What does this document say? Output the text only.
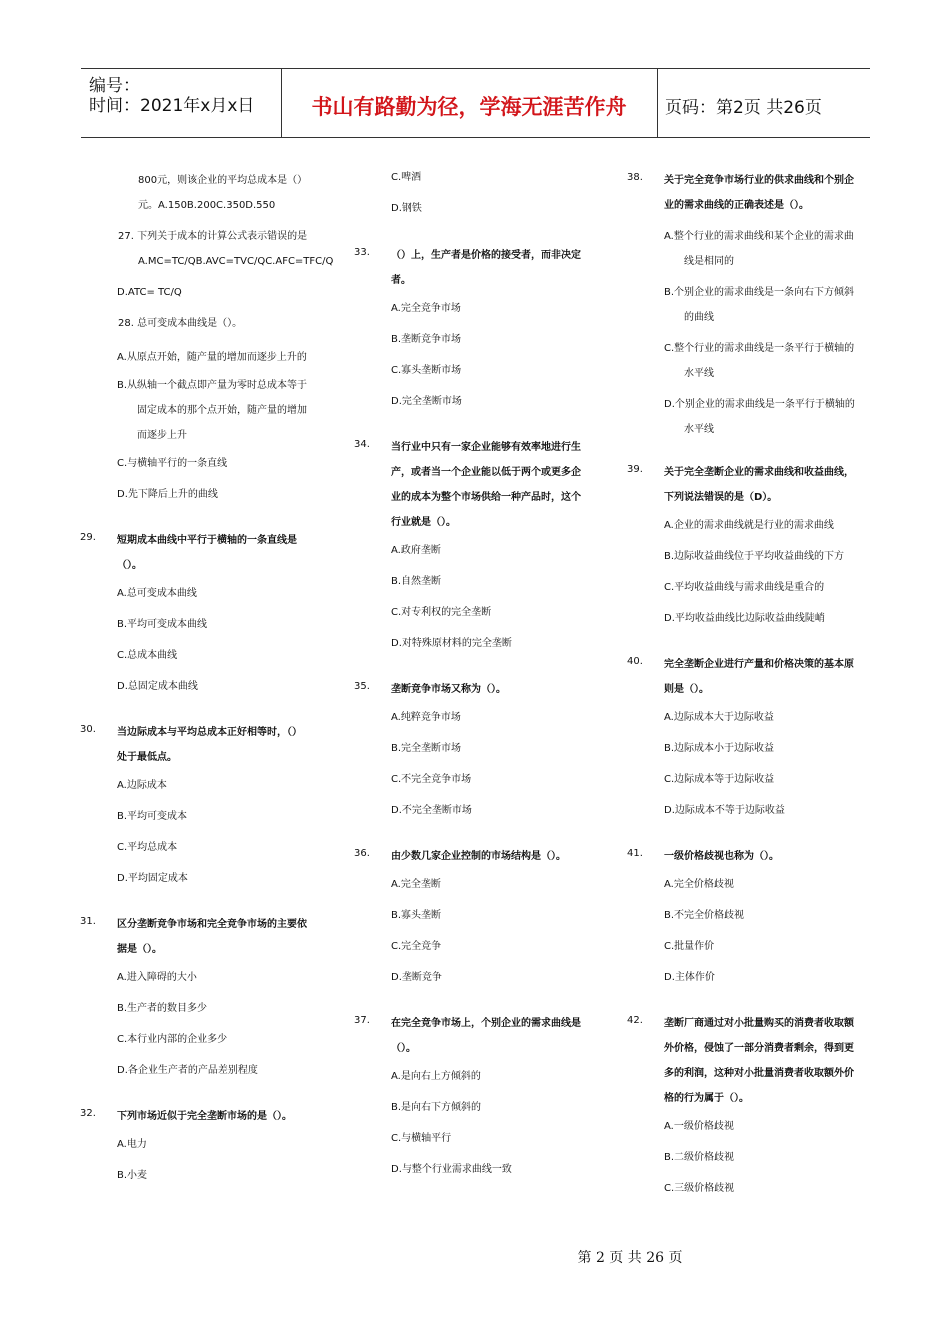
编号：
时间：2021年x月x日	书山有路勤为径，学海无涯苦作舟	页码：第2页 共26页
800元，则该企业的平均总成本是（）
元。A.150B.200C.350D.550
27. 下列关于成本的计算公式表示错误的是
A.MC=TC/QB.AVC=TVC/QC.AFC=TFC/Q
D.ATC= TC/Q
28. 总可变成本曲线是（）。
A.从原点开始，随产量的增加而逐步上升的
B.从纵轴一个截点即产量为零时总成本等于
固定成本的那个点开始，随产量的增加
而逐步上升
C.与横轴平行的一条直线
D.先下降后上升的曲线
29. 短期成本曲线中平行于横轴的一条直线是
（）。
A.总可变成本曲线
B.平均可变成本曲线
C.总成本曲线
D.总固定成本曲线
30. 当边际成本与平均总成本正好相等时，（）
处于最低点。
A.边际成本
B.平均可变成本
C.平均总成本
D.平均固定成本
31. 区分垄断竞争市场和完全竞争市场的主要依
据是（）。
A.进入障碍的大小
B.生产者的数目多少
C.本行业内部的企业多少
D.各企业生产者的产品差别程度
32. 下列市场近似于完全垄断市场的是（）。
A.电力
B.小麦
C.啤酒
D.钢铁
33. （）上，生产者是价格的接受者，而非决定
者。
A.完全竞争市场
B.垄断竞争市场
C.寡头垄断市场
D.完全垄断市场
34. 当行业中只有一家企业能够有效率地进行生
产，或者当一个企业能以低于两个或更多企
业的成本为整个市场供给一种产品时，这个
行业就是（）。
A.政府垄断
B.自然垄断
C.对专利权的完全垄断
D.对特殊原材料的完全垄断
35. 垄断竞争市场又称为（）。
A.纯粹竞争市场
B.完全垄断市场
C.不完全竞争市场
D.不完全垄断市场
36. 由少数几家企业控制的市场结构是（）。
A.完全垄断
B.寡头垄断
C.完全竞争
D.垄断竞争
37. 在完全竞争市场上，个别企业的需求曲线是
（）。
A.是向右上方倾斜的
B.是向右下方倾斜的
C.与横轴平行
D.与整个行业需求曲线一致
38. 关于完全竞争市场行业的供求曲线和个别企
业的需求曲线的正确表述是（）。
A.整个行业的需求曲线和某个企业的需求曲
线是相同的
B.个别企业的需求曲线是一条向右下方倾斜
的曲线
C.整个行业的需求曲线是一条平行于横轴的
水平线
D.个别企业的需求曲线是一条平行于横轴的
水平线
39. 关于完全垄断企业的需求曲线和收益曲线，
下列说法错误的是（D）。
A.企业的需求曲线就是行业的需求曲线
B.边际收益曲线位于平均收益曲线的下方
C.平均收益曲线与需求曲线是重合的
D.平均收益曲线比边际收益曲线陡峭
40. 完全垄断企业进行产量和价格决策的基本原
则是（）。
A.边际成本大于边际收益
B.边际成本小于边际收益
C.边际成本等于边际收益
D.边际成本不等于边际收益
41. 一级价格歧视也称为（）。
A.完全价格歧视
B.不完全价格歧视
C.批量作价
D.主体作价
42. 垄断厂商通过对小批量购买的消费者收取额
外价格，侵蚀了一部分消费者剩余，得到更
多的利润，这种对小批量消费者收取额外价
格的行为属于（）。
A.一级价格歧视
B.二级价格歧视
C.三级价格歧视
第 2 页 共 26 页
